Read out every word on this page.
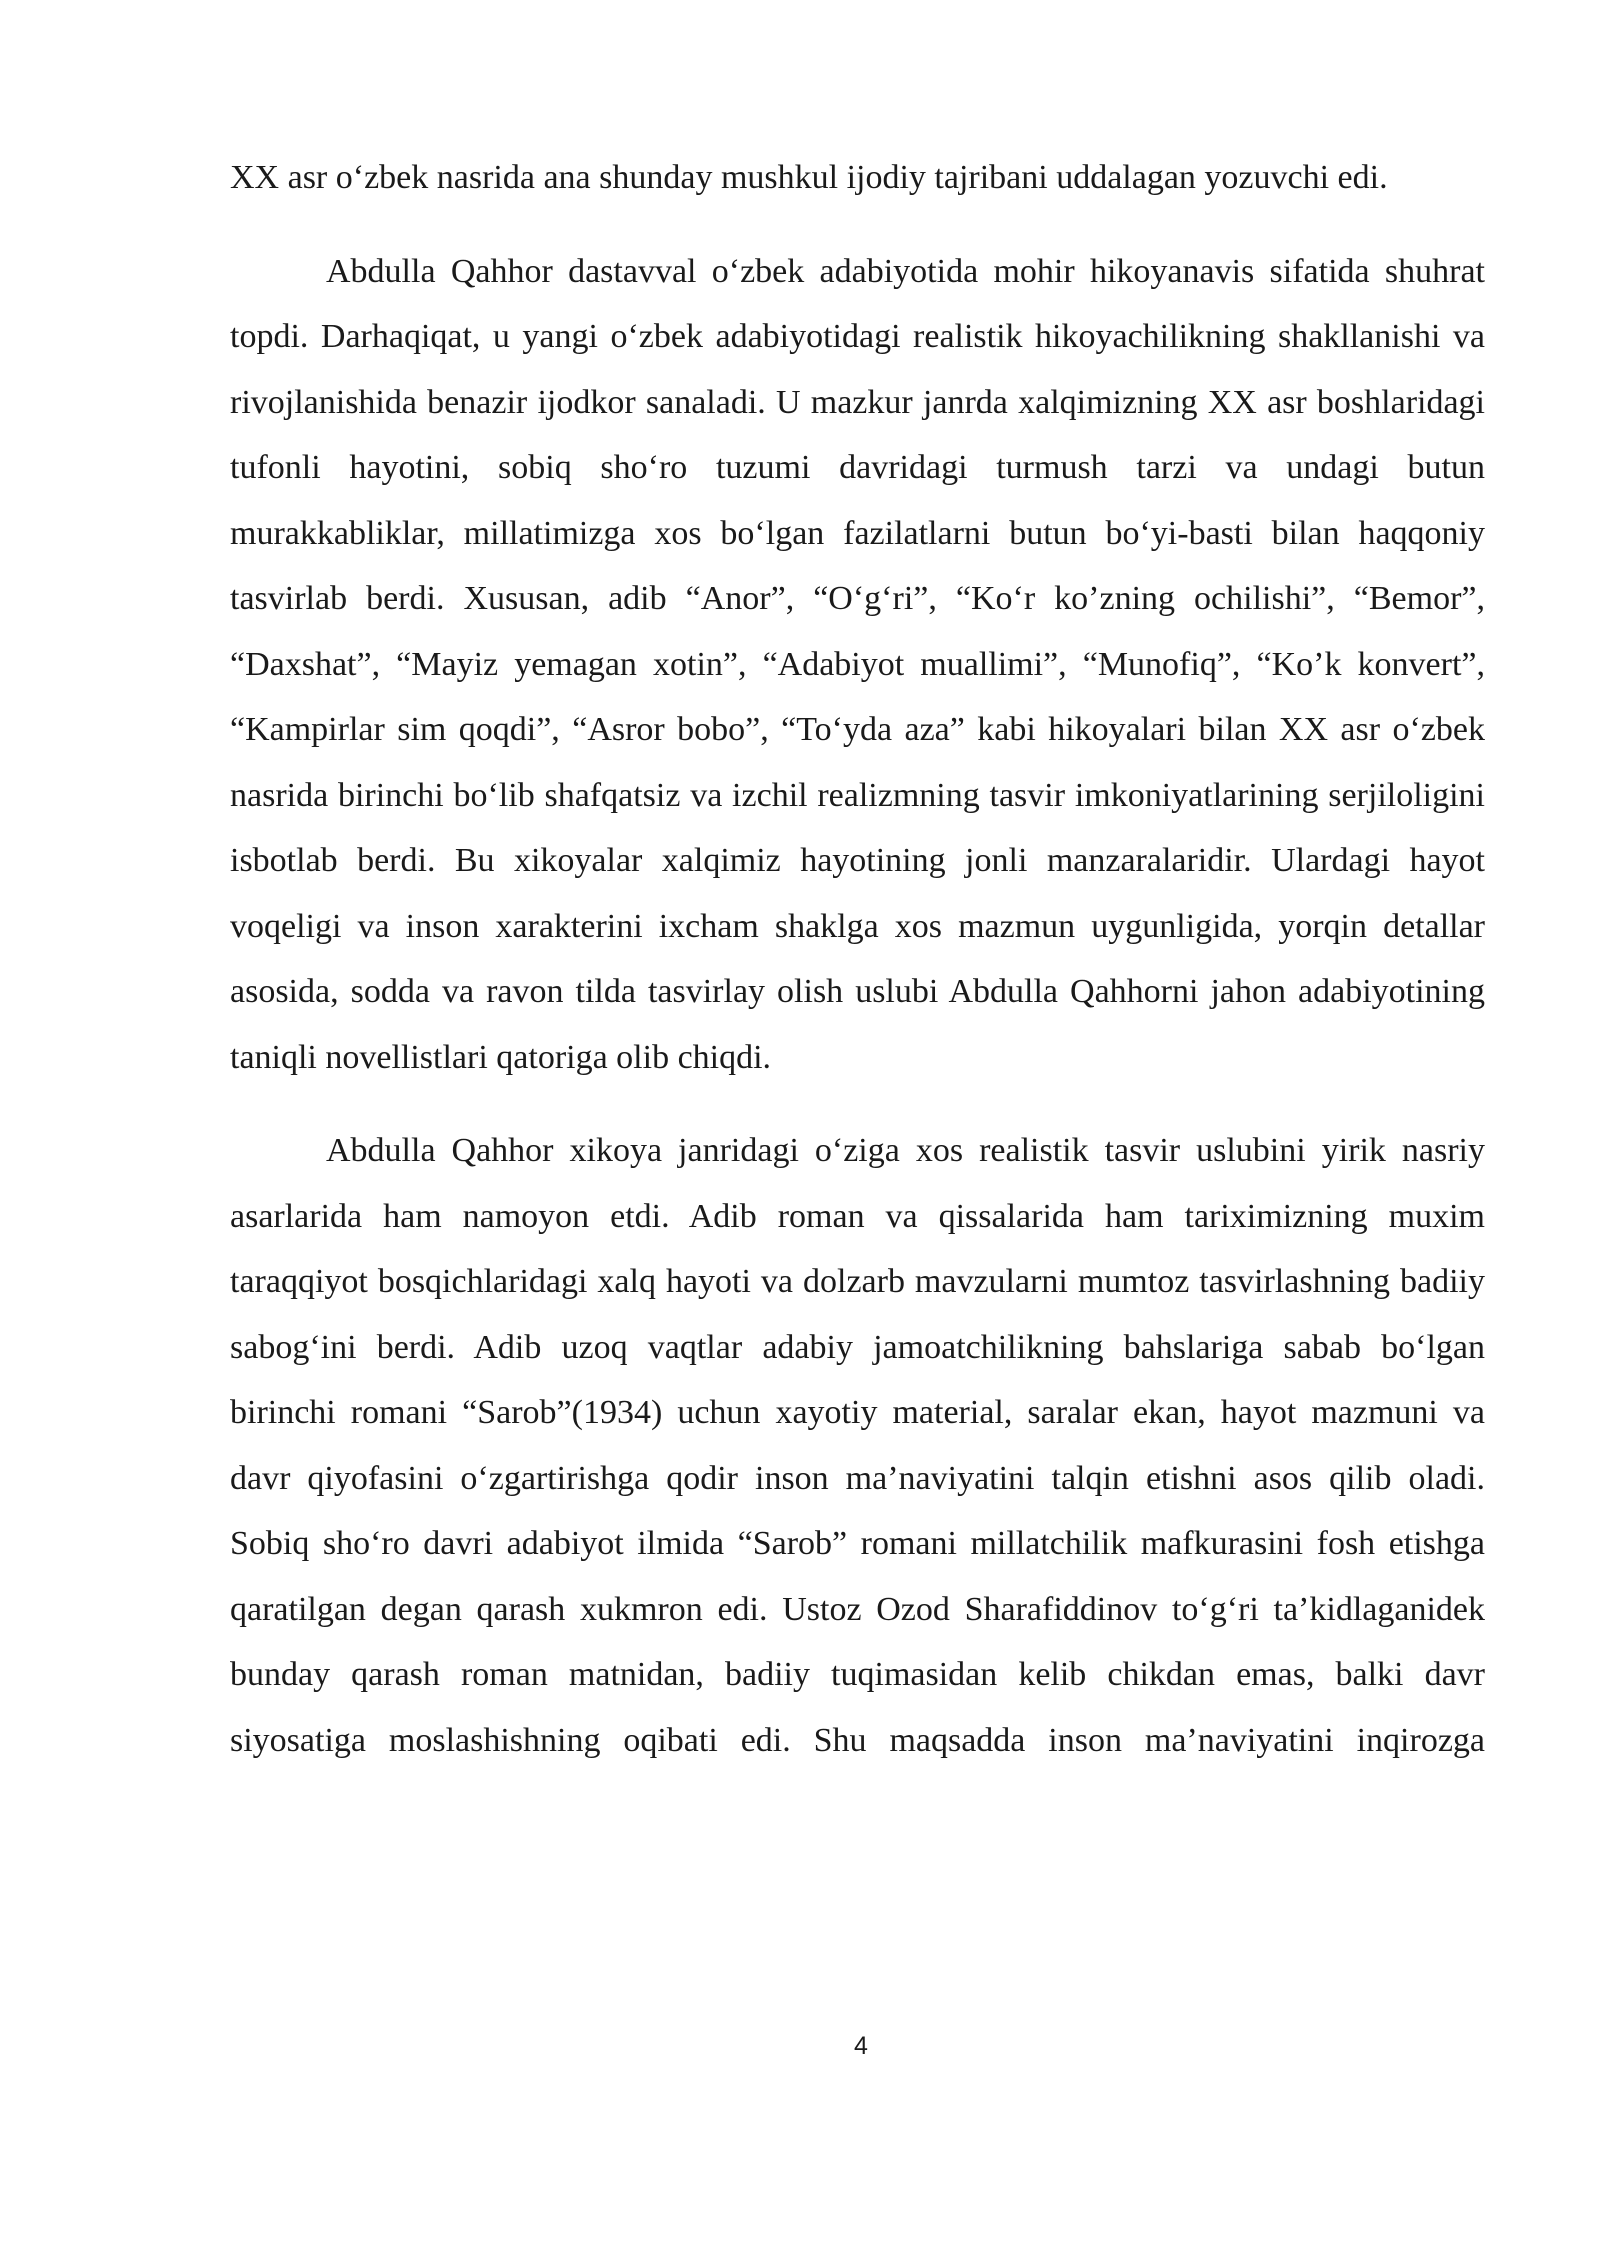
XX asr o‘zbek nasrida ana shunday mushkul ijodiy tajribani uddalagan yozuvchi edi.

Abdulla Qahhor dastavval o‘zbek adabiyotida mohir hikoyanavis sifatida shuhrat topdi. Darhaqiqat, u yangi o‘zbek adabiyotidagi realistik hikoyachilikning shakllanishi va rivojlanishida benazir ijodkor sanaladi. U mazkur janrda xalqimizning XX asr boshlaridagi tufonli hayotini, sobiq sho‘ro tuzumi davridagi turmush tarzi va undagi butun murakkabliklar, millatimizga xos bo‘lgan fazilatlarni butun bo‘yi-basti bilan haqqoniy tasvirlab berdi. Xususan, adib “Anor”, “O‘g‘ri”, “Ko‘r ko’zning ochilishi”, “Bemor”, “Daxshat”, “Mayiz yemagan xotin”, “Adabiyot muallimi”, “Munofiq”, “Ko’k konvert”, “Kampirlar sim qoqdi”, “Asror bobo”, “To‘yda aza” kabi hikoyalari bilan XX asr o‘zbek nasrida birinchi bo‘lib shafqatsiz va izchil realizmning tasvir imkoniyatlarining serjiloligini isbotlab berdi. Bu xikoyalar xalqimiz hayotining jonli manzaralaridir. Ulardagi hayot voqeligi va inson xarakterini ixcham shaklga xos mazmun uygunligida, yorqin detallar asosida, sodda va ravon tilda tasvirlay olish uslubi Abdulla Qahhorni jahon adabiyotining taniqli novellistlari qatoriga olib chiqdi.

Abdulla Qahhor xikoya janridagi o‘ziga xos realistik tasvir uslubini yirik nasriy asarlarida ham namoyon etdi. Adib roman va qissalarida ham tariximizning muxim taraqqiyot bosqichlaridagi xalq hayoti va dolzarb mavzularni mumtoz tasvirlashning badiiy sabog‘ini berdi. Adib uzoq vaqtlar adabiy jamoatchilikning bahslariga sabab bo‘lgan birinchi romani “Sarob”(1934) uchun xayotiy material, saralar ekan, hayot mazmuni va davr qiyofasini o‘zgartirishga qodir inson ma’naviyatini talqin etishni asos qilib oladi. Sobiq sho‘ro davri adabiyot ilmida “Sarob” romani millatchilik mafkurasini fosh etishga qaratilgan degan qarash xukmron edi. Ustoz Ozod Sharafiddinov to‘g‘ri ta’kidlaganidek bunday qarash roman matnidan, badiiy tuqimasidan kelib chikdan emas, balki davr siyosatiga moslashishning oqibati edi. Shu maqsadda inson ma’naviyatini inqirozga

4
